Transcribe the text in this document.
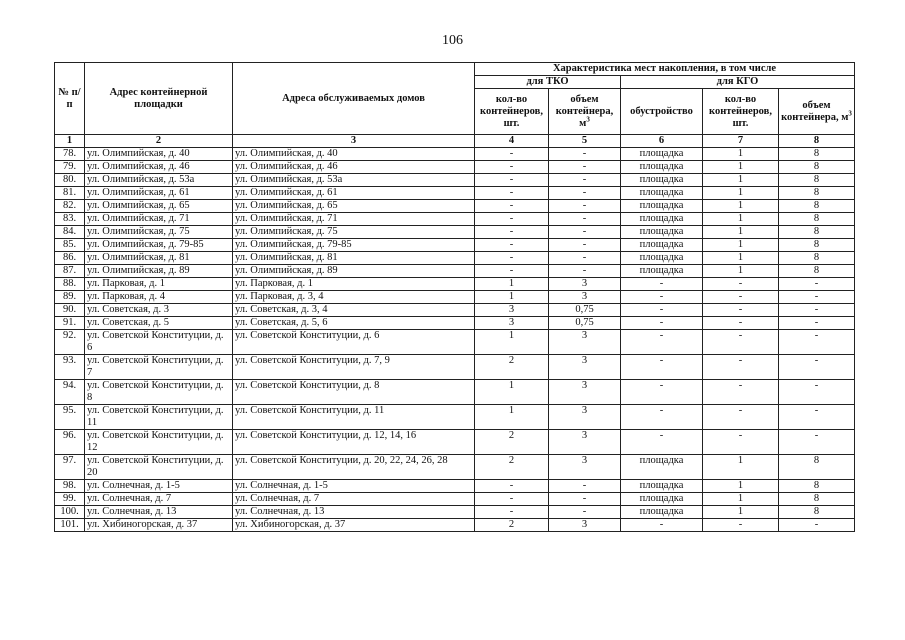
106
№ п/п	Адрес контейнерной площадки	Адреса обслуживаемых домов	Характеристика мест накопления, в том числе				
			для ТКО		для КГО		
			кол-во контейнеров, шт.	объем контейнера, $м^3$	обустройство	кол-во контейнеров, шт.	объем контейнера, $м^3$
1	2	3	4	5	6	7	8
78.	ул. Олимпийская, д. 40	ул. Олимпийская, д. 40	-	-	площадка	1	8
79.	ул. Олимпийская, д. 46	ул. Олимпийская, д. 46	-	-	площадка	1	8
80.	ул. Олимпийская, д. 53а	ул. Олимпийская, д. 53а	-	-	площадка	1	8
81.	ул. Олимпийская, д. 61	ул. Олимпийская, д. 61	-	-	площадка	1	8
82.	ул. Олимпийская, д. 65	ул. Олимпийская, д. 65	-	-	площадка	1	8
83.	ул. Олимпийская, д. 71	ул. Олимпийская, д. 71	-	-	площадка	1	8
84.	ул. Олимпийская, д. 75	ул. Олимпийская, д. 75	-	-	площадка	1	8
85.	ул. Олимпийская, д. 79-85	ул. Олимпийская, д. 79-85	-	-	площадка	1	8
86.	ул. Олимпийская, д. 81	ул. Олимпийская, д. 81	-	-	площадка	1	8
87.	ул. Олимпийская, д. 89	ул. Олимпийская, д. 89	-	-	площадка	1	8
88.	ул. Парковая, д. 1	ул. Парковая, д. 1	1	3	-	-	-
89.	ул. Парковая, д. 4	ул. Парковая, д. 3, 4	1	3	-	-	-
90.	ул. Советская, д. 3	ул. Советская, д. 3, 4	3	0,75	-	-	-
91.	ул. Советская, д. 5	ул. Советская, д. 5, 6	3	0,75	-	-	-
92.	ул. Советской Конституции, д. 6	ул. Советской Конституции, д. 6	1	3	-	-	-
93.	ул. Советской Конституции, д. 7	ул. Советской Конституции, д. 7, 9	2	3	-	-	-
94.	ул. Советской Конституции, д. 8	ул. Советской Конституции, д. 8	1	3	-	-	-
95.	ул. Советской Конституции, д. 11	ул. Советской Конституции, д. 11	1	3	-	-	-
96.	ул. Советской Конституции, д. 12	ул. Советской Конституции, д. 12, 14, 16	2	3	-	-	-
97.	ул. Советской Конституции, д. 20	ул. Советской Конституции, д. 20, 22, 24, 26, 28	2	3	площадка	1	8
98.	ул. Солнечная, д. 1-5	ул. Солнечная, д. 1-5	-	-	площадка	1	8
99.	ул. Солнечная, д. 7	ул. Солнечная, д. 7	-	-	площадка	1	8
100.	ул. Солнечная, д. 13	ул. Солнечная, д. 13	-	-	площадка	1	8
101.	ул. Хибиногорская, д. 37	ул. Хибиногорская, д. 37	2	3	-	-	-
